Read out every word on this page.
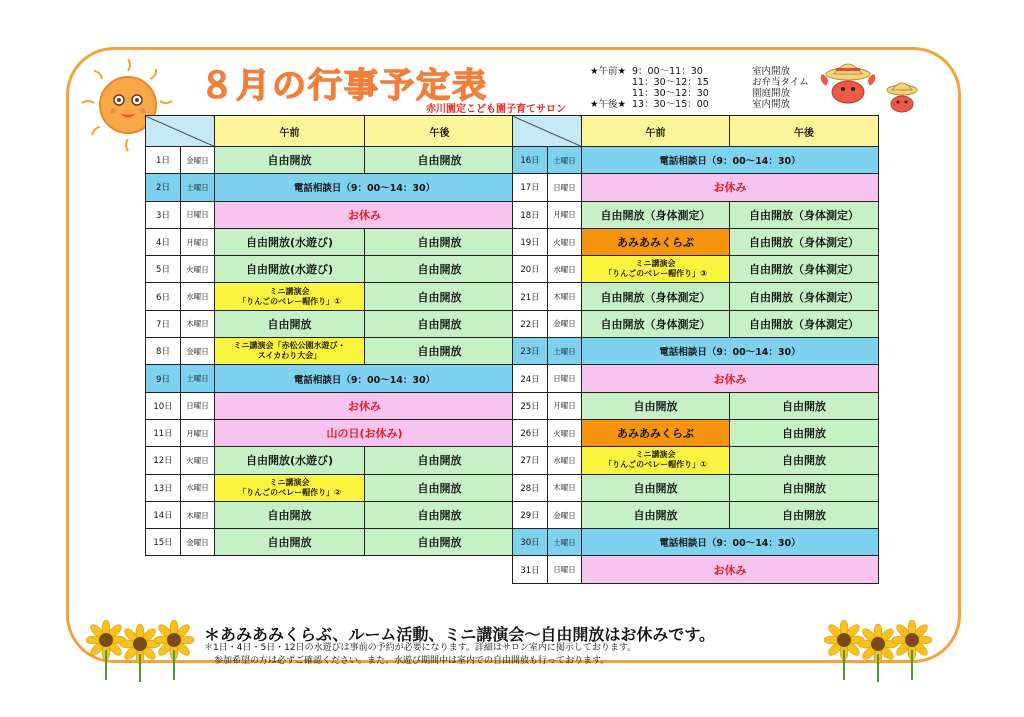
８月の行事予定表
赤川園定こども園子育てサロン
★午前★ 9：00～11：30	室内開放
11：30～12：15	お弁当タイム
11：30～12：30	園庭開放
★午後★ 13：30～15：00	室内開放
		午前	午後
1日	金曜日	自由開放	自由開放
2日	土曜日	電話相談日（9：00～14：30）	
3日	日曜日	お休み	
4日	月曜日	自由開放(水遊び)	自由開放
5日	火曜日	自由開放(水遊び)	自由開放
6日	水曜日	ミニ講演会
「りんごのベレー帽作り」①	自由開放
7日	木曜日	自由開放	自由開放
8日	金曜日	ミニ講演会「赤松公園水遊び・
スイカわり大会」	自由開放
9日	土曜日	電話相談日（9：00～14：30）	
10日	日曜日	お休み	
11日	月曜日	山の日(お休み)	
12日	火曜日	自由開放(水遊び)	自由開放
13日	水曜日	ミニ講演会
「りんごのベレー帽作り」②	自由開放
14日	木曜日	自由開放	自由開放
15日	金曜日	自由開放	自由開放
		午前	午後
16日	土曜日	電話相談日（9：00～14：30）	
17日	日曜日	お休み	
18日	月曜日	自由開放（身体測定）	自由開放（身体測定）
19日	火曜日	あみあみくらぶ	自由開放（身体測定）
20日	水曜日	ミニ講演会
「りんごのベレー帽作り」③	自由開放（身体測定）
21日	木曜日	自由開放（身体測定）	自由開放（身体測定）
22日	金曜日	自由開放（身体測定）	自由開放（身体測定）
23日	土曜日	電話相談日（9：00～14：30）	
24日	日曜日	お休み	
25日	月曜日	自由開放	自由開放
26日	火曜日	あみあみくらぶ	自由開放
27日	水曜日	ミニ講演会
「りんごのベレー帽作り」①	自由開放
28日	木曜日	自由開放	自由開放
29日	金曜日	自由開放	自由開放
30日	土曜日	電話相談日（9：00～14：30）	
31日	日曜日	お休み	
＊あみあみくらぶ、ルーム活動、ミニ講演会～自由開放はお休みです。
＊1日・4日・5日・12日の水遊びは事前の予約が必要になります。詳細はサロン室内に掲示しております。
参加希望の方は必ずご確認ください。また、水遊び期間中は室内での自由開放も行っております。
